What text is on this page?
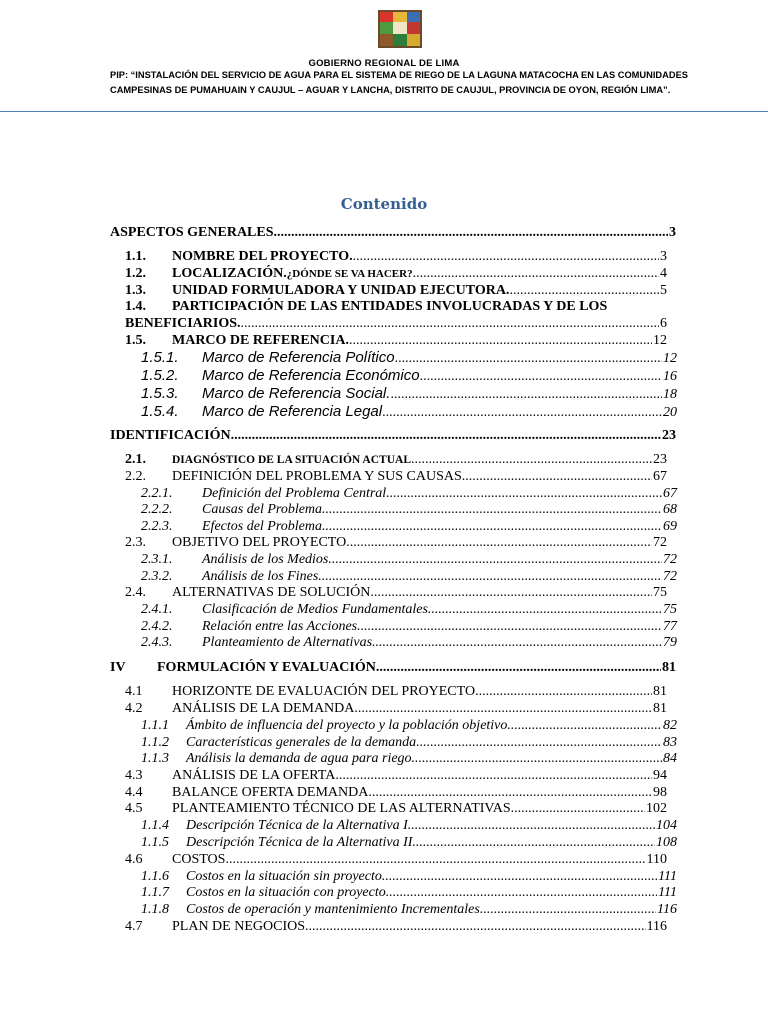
GOBIERNO REGIONAL DE LIMA
PIP: “INSTALACIÓN DEL SERVICIO DE AGUA PARA EL SISTEMA DE RIEGO DE LA LAGUNA MATACOCHA EN LAS COMUNIDADES
CAMPESINAS DE PUMAHUAIN Y CAUJUL – AGUAR Y LANCHA, DISTRITO DE CAUJUL, PROVINCIA DE OYON, REGIÓN LIMA”.
Contenido
ASPECTOS GENERALES. .....	3
1.1.	NOMBRE DEL PROYECTO. .....	3
1.2.	LOCALIZACIÓN. ¿DÓNDE SE VA HACER? .....	4
1.3.	UNIDAD FORMULADORA Y UNIDAD EJECUTORA. .....	5
1.4.	PARTICIPACIÓN DE LAS ENTIDADES INVOLUCRADAS Y DE LOS
BENEFICIARIOS. .....	6
1.5.	MARCO DE REFERENCIA. .....	12
1.5.1.	Marco de Referencia Político .....	12
1.5.2.	Marco de Referencia Económico .....	16
1.5.3.	Marco de Referencia Social. .....	18
1.5.4.	Marco de Referencia Legal .....	20
IDENTIFICACIÓN. .....	23
2.1.	DIAGNÓSTICO DE LA SITUACIÓN ACTUAL .....	23
2.2.	DEFINICIÓN DEL PROBLEMA Y SUS CAUSAS .....	67
2.2.1.	Definición del Problema Central .....	67
2.2.2.	Causas del Problema .....	68
2.2.3.	Efectos del Problema .....	69
2.3.	OBJETIVO DEL PROYECTO .....	72
2.3.1.	Análisis de los Medios .....	72
2.3.2.	Análisis de los Fines .....	72
2.4.	ALTERNATIVAS DE SOLUCIÓN .....	75
2.4.1.	Clasificación de Medios Fundamentales .....	75
2.4.2.	Relación entre las Acciones .....	77
2.4.3.	Planteamiento de Alternativas .....	79
IV	FORMULACIÓN Y EVALUACIÓN .....	81
4.1	HORIZONTE DE EVALUACIÓN DEL PROYECTO .....	81
4.2	ANÁLISIS DE LA DEMANDA .....	81
1.1.1	Ámbito de influencia del proyecto y la población objetivo .....	82
1.1.2	Características generales de la demanda .....	83
1.1.3	Análisis la demanda de agua para riego .....	84
4.3	ANÁLISIS DE LA OFERTA .....	94
4.4	BALANCE OFERTA DEMANDA .....	98
4.5	PLANTEAMIENTO TÉCNICO DE LAS ALTERNATIVAS .....	102
1.1.4	Descripción Técnica de la Alternativa I .....	104
1.1.5	Descripción Técnica de la Alternativa II .....	108
4.6	COSTOS .....	110
1.1.6	Costos en la situación sin proyecto .....	111
1.1.7	Costos en la situación con proyecto .....	111
1.1.8	Costos de operación y mantenimiento Incrementales .....	116
4.7	PLAN DE NEGOCIOS .....	116
